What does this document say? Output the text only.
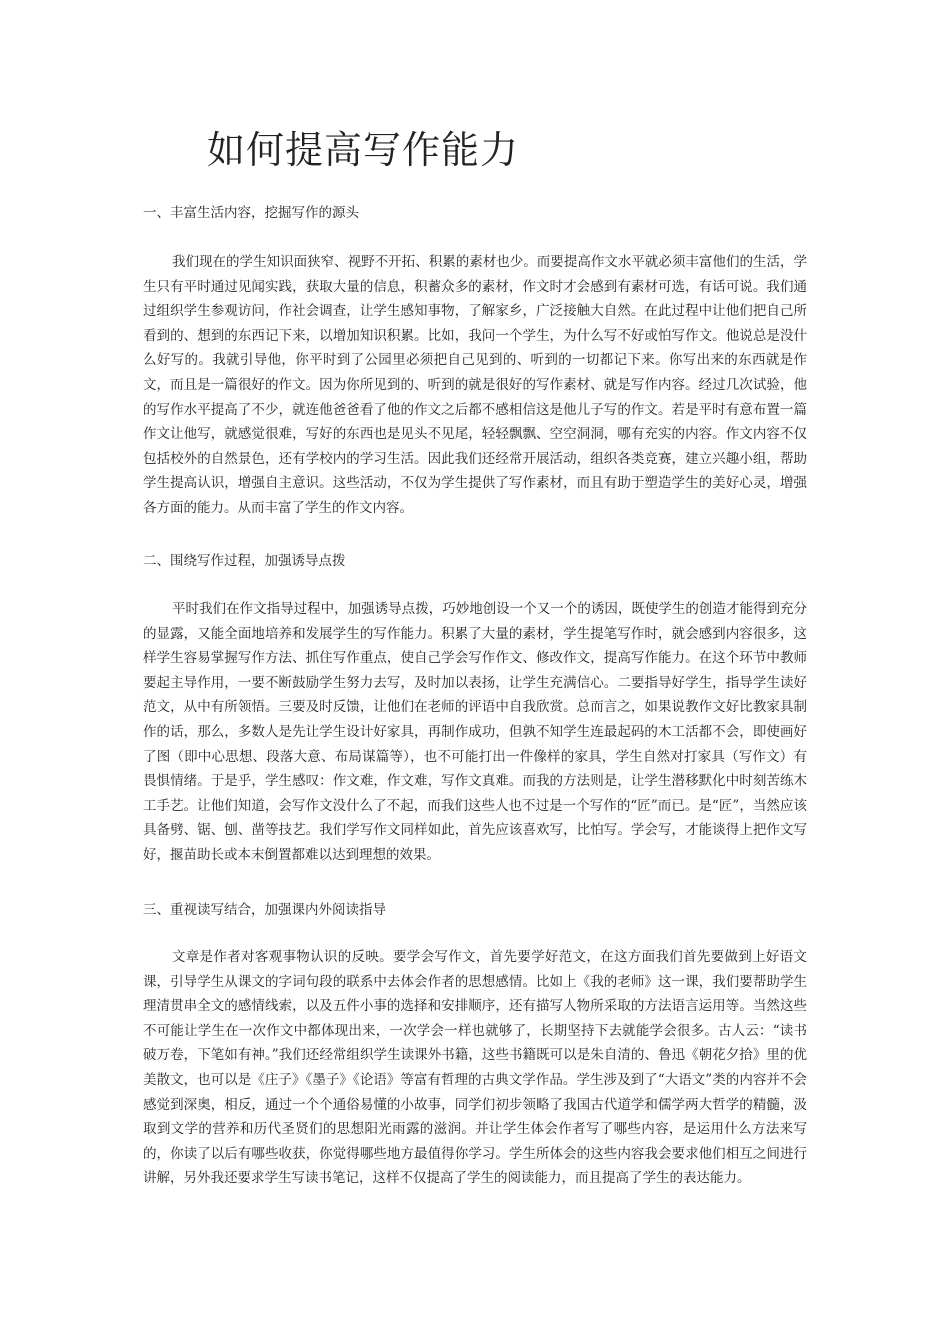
如何提高写作能力
一、丰富生活内容，挖掘写作的源头

我们现在的学生知识面狭窄、视野不开拓、积累的素材也少。而要提高作文水平就必须丰富他们的生活，学生只有平时通过见闻实践，获取大量的信息，积蓄众多的素材，作文时才会感到有素材可选，有话可说。我们通过组织学生参观访问，作社会调查，让学生感知事物，了解家乡，广泛接触大自然。在此过程中让他们把自己所看到的、想到的东西记下来，以增加知识积累。比如，我问一个学生，为什么写不好或怕写作文。他说总是没什么好写的。我就引导他，你平时到了公园里必须把自己见到的、听到的一切都记下来。你写出来的东西就是作文，而且是一篇很好的作文。因为你所见到的、听到的就是很好的写作素材、就是写作内容。经过几次试验，他的写作水平提高了不少，就连他爸爸看了他的作文之后都不感相信这是他儿子写的作文。若是平时有意布置一篇作文让他写，就感觉很难，写好的东西也是见头不见尾，轻轻飘飘、空空洞洞，哪有充实的内容。作文内容不仅包括校外的自然景色，还有学校内的学习生活。因此我们还经常开展活动，组织各类竞赛，建立兴趣小组，帮助学生提高认识，增强自主意识。这些活动，不仅为学生提供了写作素材，而且有助于塑造学生的美好心灵，增强各方面的能力。从而丰富了学生的作文内容。

二、围绕写作过程，加强诱导点拨

平时我们在作文指导过程中，加强诱导点拨，巧妙地创设一个又一个的诱因，既使学生的创造才能得到充分的显露，又能全面地培养和发展学生的写作能力。积累了大量的素材，学生提笔写作时，就会感到内容很多，这样学生容易掌握写作方法、抓住写作重点，使自己学会写作作文、修改作文，提高写作能力。在这个环节中教师要起主导作用，一要不断鼓励学生努力去写，及时加以表扬，让学生充满信心。二要指导好学生，指导学生读好范文，从中有所领悟。三要及时反馈，让他们在老师的评语中自我欣赏。总而言之，如果说教作文好比教家具制作的话，那么，多数人是先让学生设计好家具，再制作成功，但孰不知学生连最起码的木工活都不会，即使画好了图（即中心思想、段落大意、布局谋篇等），也不可能打出一件像样的家具，学生自然对打家具（写作文）有畏惧情绪。于是乎，学生感叹：作文难，作文难，写作文真难。而我的方法则是，让学生潜移默化中时刻苦练木工手艺。让他们知道，会写作文没什么了不起，而我们这些人也不过是一个写作的“匠”而已。是“匠”，当然应该具备劈、锯、刨、凿等技艺。我们学写作文同样如此，首先应该喜欢写，比怕写。学会写，才能谈得上把作文写好，揠苗助长或本末倒置都难以达到理想的效果。

三、重视读写结合，加强课内外阅读指导

文章是作者对客观事物认识的反映。要学会写作文，首先要学好范文，在这方面我们首先要做到上好语文课，引导学生从课文的字词句段的联系中去体会作者的思想感情。比如上《我的老师》这一课，我们要帮助学生理清贯串全文的感情线索，以及五件小事的选择和安排顺序，还有描写人物所采取的方法语言运用等。当然这些不可能让学生在一次作文中都体现出来，一次学会一样也就够了，长期坚持下去就能学会很多。古人云：“读书破万卷，下笔如有神。”我们还经常组织学生读课外书籍，这些书籍既可以是朱自清的、鲁迅《朝花夕拾》里的优美散文，也可以是《庄子》《墨子》《论语》等富有哲理的古典文学作品。学生涉及到了“大语文”类的内容并不会感觉到深奥，相反，通过一个个通俗易懂的小故事，同学们初步领略了我国古代道学和儒学两大哲学的精髓，汲取到文学的营养和历代圣贤们的思想阳光雨露的滋润。并让学生体会作者写了哪些内容，是运用什么方法来写的，你读了以后有哪些收获，你觉得哪些地方最值得你学习。学生所体会的这些内容我会要求他们相互之间进行讲解，另外我还要求学生写读书笔记，这样不仅提高了学生的阅读能力，而且提高了学生的表达能力。
